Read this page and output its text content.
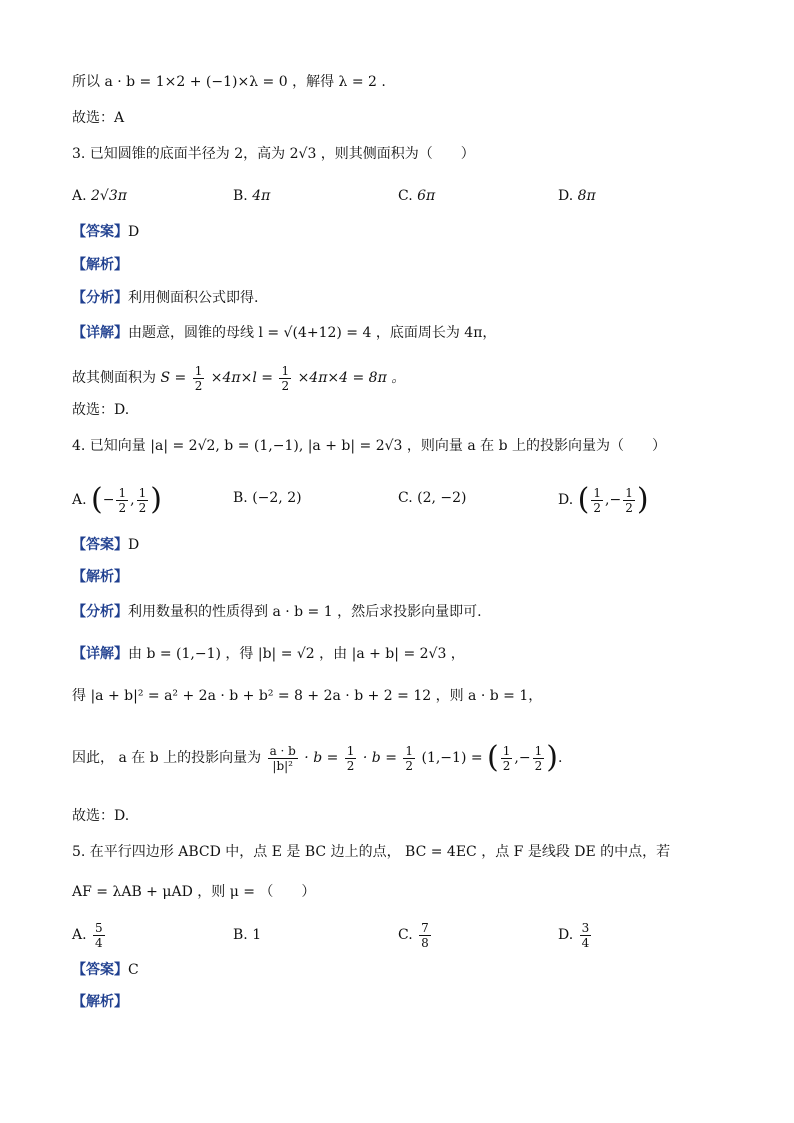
所以 a · b = 1×2 + (−1)×λ = 0 ，解得 λ = 2 .
故选：A
3. 已知圆锥的底面半径为 2，高为 2√3 ，则其侧面积为（　　）
A. 2√3π	B. 4π	C. 6π	D. 8π
【答案】D
【解析】
【分析】利用侧面积公式即得.
【详解】由题意，圆锥的母线 l = √(4+12) = 4 ，底面周长为 4π，
故其侧面积为 $S = \frac{1}{2} \times 4\pi\times l = \frac{1}{2} \times 4\pi\times 4 = 8\pi$ 。
故选：D.
4. 已知向量 |a| = 2√2, b = (1,−1), |a + b| = 2√3 ，则向量 a 在 b 上的投影向量为（　　）
A. (− $\frac{1}{2}$ , $\frac{1}{2}$ )	B. (−2, 2)	C. (2, −2)	D. ( $\frac{1}{2}$ ,− $\frac{1}{2}$ )
【答案】D
【解析】
【分析】利用数量积的性质得到 a · b = 1 ，然后求投影向量即可.
【详解】由 b = (1,−1) ，得 |b| = √2 ，由 |a + b| = 2√3 ，
得 |a + b|² = a² + 2a · b + b² = 8 + 2a · b + 2 = 12 ，则 a · b = 1，
因此， a 在 b 上的投影向量为 $\frac{a \cdot b}{\text{|b|²}} \cdot b = \frac{1}{2} \cdot b = \frac{1}{2} (1,-1)$ = ( $\frac{1}{2}$ ,− $\frac{1}{2}$ ).
故选：D.
5. 在平行四边形 ABCD 中，点 E 是 BC 边上的点， BC = 4EC ，点 F 是线段 DE 的中点，若
AF = λAB + μAD ，则 μ = （　　）
A. $\frac{5}{4}$	B. 1	C. $\frac{7}{8}$	D. $\frac{3}{4}$
【答案】C
【解析】
